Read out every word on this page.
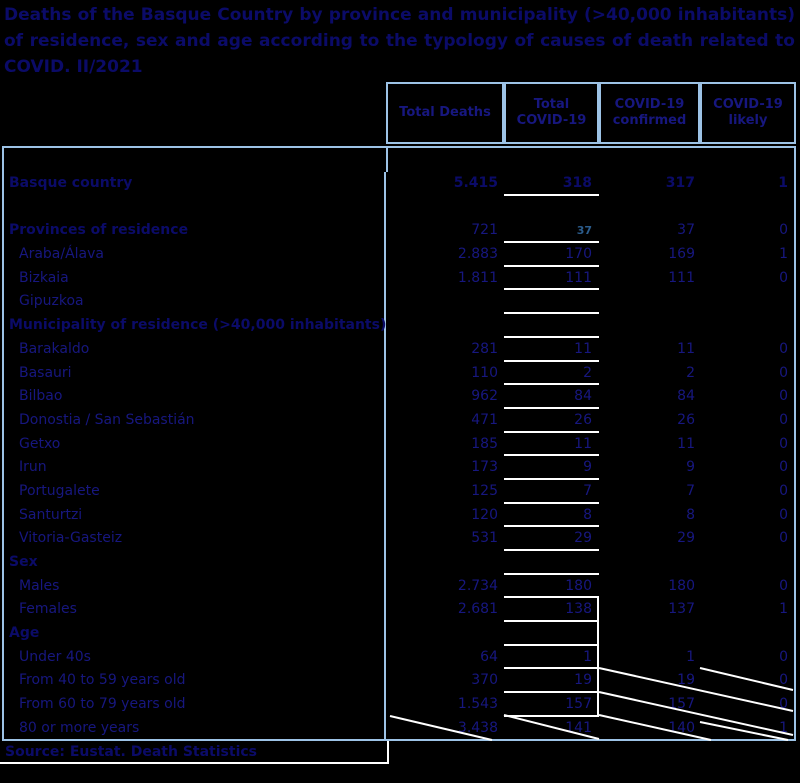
Deaths of the Basque Country by province and municipality (>40,000 inhabitants) of residence, sex and age according to the typology of causes of death related to COVID. II/2021
Total Deaths
Total COVID-19
COVID-19 confirmed
COVID-19 likely
Basque country	5.415	318	317	1
Provinces of residence	721	37	37	0
Araba/Álava	2.883	170	169	1
Bizkaia	1.811	111	111	0
Gipuzkoa
Municipality of residence (>40,000 inhabitants)
Barakaldo	281	11	11	0
Basauri	110	2	2	0
Bilbao	962	84	84	0
Donostia / San Sebastián	471	26	26	0
Getxo	185	11	11	0
Irun	173	9	9	0
Portugalete	125	7	7	0
Santurtzi	120	8	8	0
Vitoria-Gasteiz	531	29	29	0
Sex
Males	2.734	180	180	0
Females	2.681	138	137	1
Age
Under 40s	64	1	1	0
From 40 to 59 years old	370	19	19	0
From 60 to 79 years old	1.543	157	157	0
80 or more years	3.438	141	140	1
Source: Eustat. Death Statistics
